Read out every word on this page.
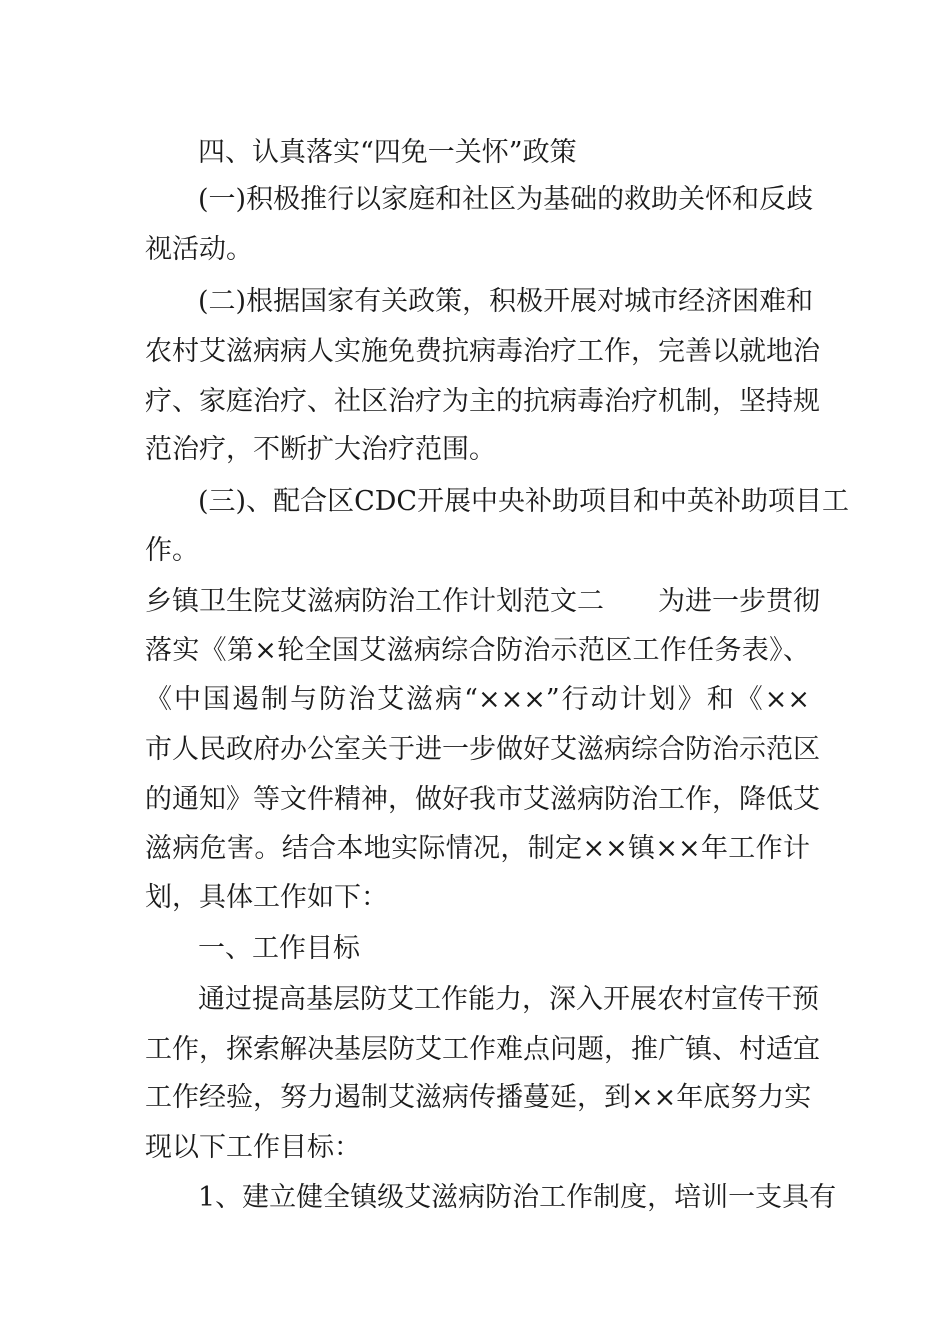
四、认真落实“四免一关怀”政策
(一)积极推行以家庭和社区为基础的救助关怀和反歧
视活动。
(二)根据国家有关政策，积极开展对城市经济困难和
农村艾滋病病人实施免费抗病毒治疗工作，完善以就地治
疗、家庭治疗、社区治疗为主的抗病毒治疗机制，坚持规
范治疗，不断扩大治疗范围。
(三)、配合区CDC开展中央补助项目和中英补助项目工
作。
乡镇卫生院艾滋病防治工作计划范文二　　为进一步贯彻
落实《第×轮全国艾滋病综合防治示范区工作任务表》、
《中国遏制与防治艾滋病“×××”行动计划》和《××
市人民政府办公室关于进一步做好艾滋病综合防治示范区
的通知》等文件精神，做好我市艾滋病防治工作，降低艾
滋病危害。结合本地实际情况，制定××镇××年工作计
划，具体工作如下：
一、工作目标
通过提高基层防艾工作能力，深入开展农村宣传干预
工作，探索解决基层防艾工作难点问题，推广镇、村适宜
工作经验，努力遏制艾滋病传播蔓延，到××年底努力实
现以下工作目标：
1、建立健全镇级艾滋病防治工作制度，培训一支具有
